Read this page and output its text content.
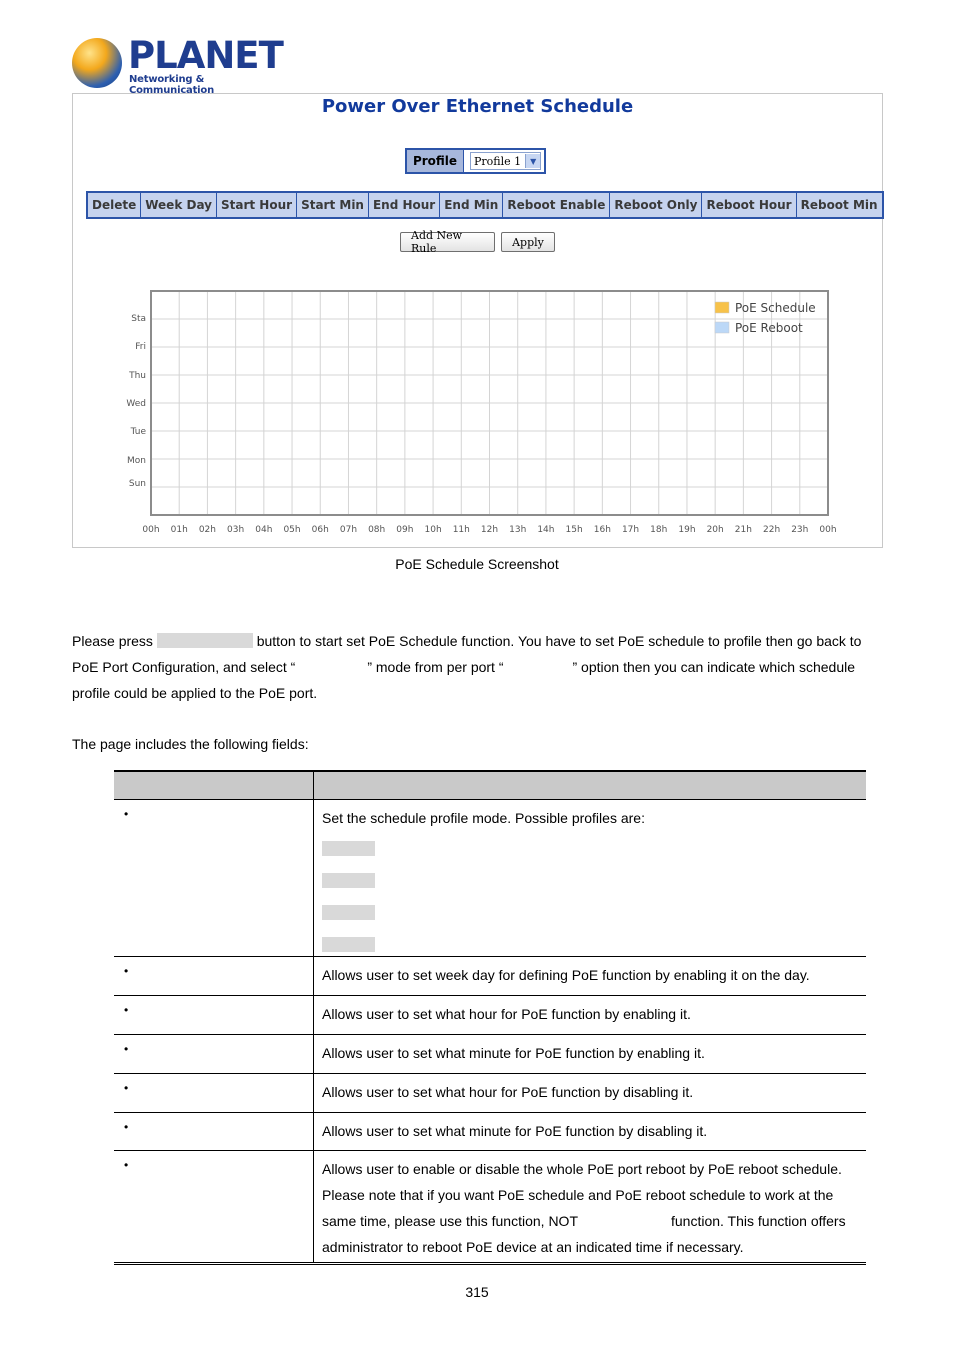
PLANET
Networking & Communication
Power Over Ethernet Schedule
Profile	Profile 1	▼
Delete Week Day Start Hour Start Min End Hour End Min Reboot Enable Reboot Only Reboot Hour Reboot Min
Add New Rule	Apply
Sta
Fri
Thu
Wed
Tue
Mon
Sun
00h 01h 02h 03h 04h 05h 06h 07h 08h 09h 10h 11h 12h 13h 14h 15h 16h 17h 18h 19h 20h 21h 22h 23h 00h
PoE Schedule
PoE Reboot
PoE Schedule Screenshot
Please press	button to start set PoE Schedule function. You have to set PoE schedule to profile then go back to
PoE Port Configuration, and select “	” mode from per port “	” option then you can indicate which schedule
profile could be applied to the PoE port.
The page includes the following fields:

•	Set the schedule profile mode. Possible profiles are:

•	Allows user to set week day for defining PoE function by enabling it on the day.

•	Allows user to set what hour for PoE function by enabling it.

•	Allows user to set what minute for PoE function by enabling it.

•	Allows user to set what hour for PoE function by disabling it.

•	Allows user to set what minute for PoE function by disabling it.

•	Allows user to enable or disable the whole PoE port reboot by PoE reboot schedule.
Please note that if you want PoE schedule and PoE reboot schedule to work at the
same time, please use this function, NOT function. This function offers
administrator to reboot PoE device at an indicated time if necessary.
315
